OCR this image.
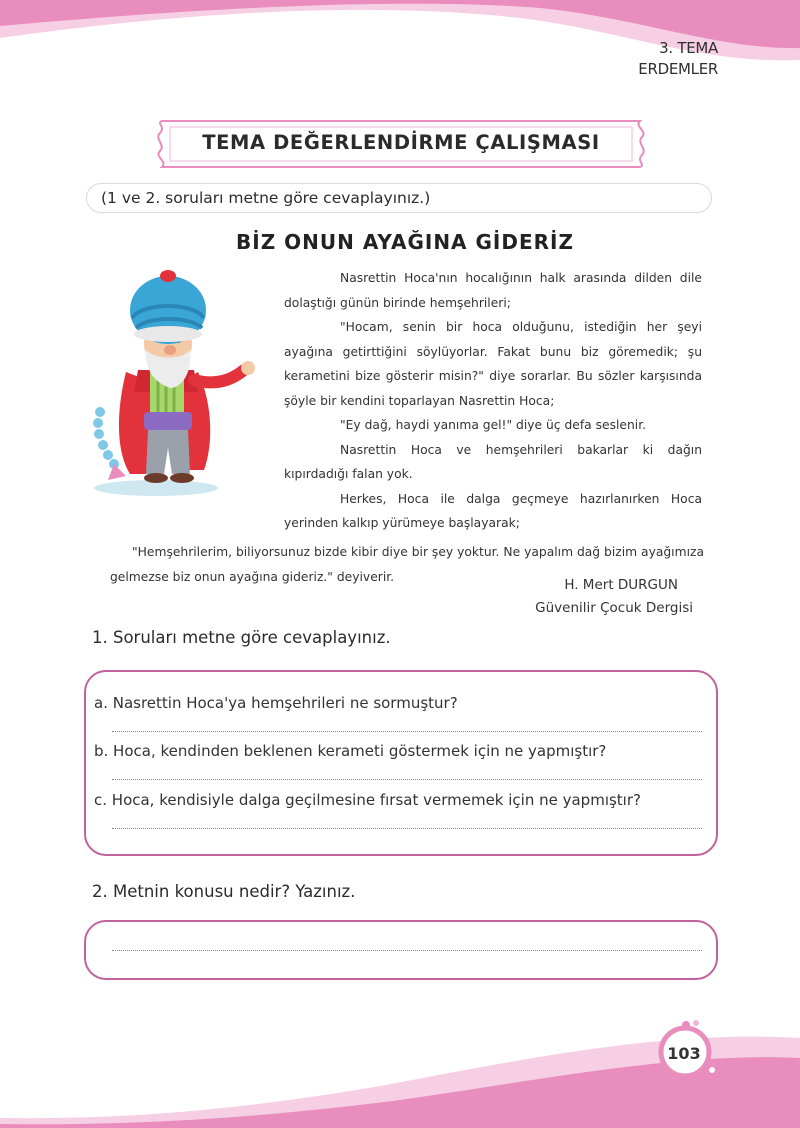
3. TEMA
ERDEMLER
TEMA DEĞERLENDİRME ÇALIŞMASI
(1 ve 2. soruları metne göre cevaplayınız.)
BİZ ONUN AYAĞINA GİDERİZ

Nasrettin Hoca'nın hocalığının halk arasında dilden dile dolaştığı günün birinde hemşehrileri;

"Hocam, senin bir hoca olduğunu, istediğin her şeyi ayağına getirttiğini söylüyorlar. Fakat bunu biz göremedik; şu kerametini bize gösterir misin?" diye sorarlar. Bu sözler karşısında şöyle bir kendini toparlayan Nasrettin Hoca;

"Ey dağ, haydi yanıma gel!" diye üç defa seslenir.

Nasrettin Hoca ve hemşehrileri bakarlar ki dağın kıpırdadığı falan yok.

Herkes, Hoca ile dalga geçmeye hazırlanırken Hoca yerinden kalkıp yürümeye başlayarak;

"Hemşehrilerim, biliyorsunuz bizde kibir diye bir şey yoktur. Ne yapalım dağ bizim ayağımıza gelmezse biz onun ayağına gideriz." deyiverir.

H. Mert DURGUN
Güvenilir Çocuk Dergisi
1. Soruları metne göre cevaplayınız.
a. Nasrettin Hoca'ya hemşehrileri ne sormuştur?
b. Hoca, kendinden beklenen kerameti göstermek için ne yapmıştır?
c. Hoca, kendisiyle dalga geçilmesine fırsat vermemek için ne yapmıştır?
2. Metnin konusu nedir? Yazınız.
103
